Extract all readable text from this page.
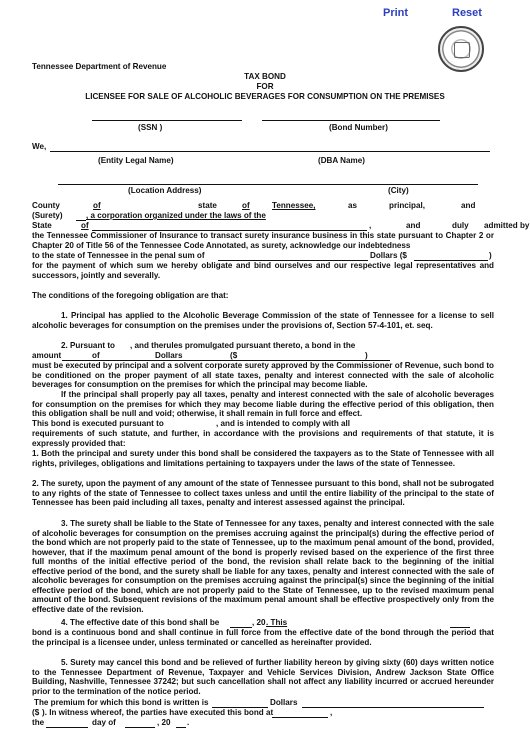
Print	Reset
Tennessee Department of Revenue
TAX BOND
FOR
LICENSEE FOR SALE OF ALCOHOLIC BEVERAGES FOR CONSUMPTION ON THE PREMISES
(SSN )	(Bond Number)
We,
(Entity Legal Name)	(DBA Name)
(Location Address)	(City)
County	of	state	of	Tennessee,	as	principal,	and
(Surety)	, a corporation organized under the laws of the
State	of	,	and	duly admitted by
the Tennessee Commissioner of Insurance to transact surety insurance business in this state pursuant to Chapter 2 or Chapter 20 of Title 56 of the Tennessee Code Annotated, as surety, acknowledge our indebtedness
to the state of Tennessee in the penal sum of	Dollars ($	)
for the payment of which sum we hereby obligate and bind ourselves and our respective legal representatives and successors, jointly and severally.
The conditions of the foregoing obligation are that:
1. Principal has applied to the Alcoholic Beverage Commission of the state of Tennessee for a license to sell alcoholic beverages for consumption on the premises under the provisions of, Section 57-4-101, et. seq.
2. Pursuant to , and therules promulgated pursuant thereto, a bond in the
amount	of	Dollars	($	)
must be executed by principal and a solvent corporate surety approved by the Commissioner of Revenue, such bond to be conditioned on the proper payment of all state taxes, penalty and interest connected with the sale of alcoholic beverages for consumption on the premises for which the principal may become liable.
If the principal shall properly pay all taxes, penalty and interest connected with the sale of alcoholic beverages for consumption on the premises for which they may become liable during the effective period of this obligation, then this obligation shall be null and void; otherwise, it shall remain in full force and effect.
This bond is executed pursuant to	, and is intended to comply with all
requirements of such statute, and further, in accordance with the provisions and requirements of that statute, it is expressly provided that:
1. Both the principal and surety under this bond shall be considered the taxpayers as to the State of Tennessee with all rights, privileges, obligations and limitations pertaining to taxpayers under the laws of the state of Tennessee.
2. The surety, upon the payment of any amount of the state of Tennessee pursuant to this bond, shall not be subrogated to any rights of the state of Tennessee to collect taxes unless and until the entire liability of the principal to the state of Tennessee has been paid including all taxes, penalty and interest assessed against the principal.
3. The surety shall be liable to the State of Tennessee for any taxes, penalty and interest connected with the sale of alcoholic beverages for consumption on the premises accruing against the principal(s) during the effective period of the bond which are not properly paid to the state of Tennessee, up to the maximum penal amount of the bond, provided, however, that if the maximum penal amount of the bond is properly revised based on the experience of the first three full months of the initial effective period of the bond, the revision shall relate back to the beginning of the initial effective period of the bond, and the surety shall be liable for any taxes, penalty and interest connected with the sale of alcoholic beverages for consumption on the premises accruing against the principal(s) since the beginning of the initial effective period of the bond, which are not properly paid to the State of Tennessee, up to the revised maximum penal amount of the bond. Subsequent revisions of the maximum penal amount shall be effective prospectively only from the effective date of the revision.
4. The effective date of this bond shall be	, 20 . This
bond is a continuous bond and shall continue in full force from the effective date of the bond through the period that the principal is a licensee under, unless terminated or cancelled as hereinafter provided.
5. Surety may cancel this bond and be relieved of further liability hereon by giving sixty (60) days written notice to the Tennessee Department of Revenue, Taxpayer and Vehicle Services Division, Andrew Jackson State Office Building, Nashville, Tennessee 37242; but such cancellation shall not affect any liability incurred or accrued hereunder prior to the termination of the notice period.
The premium for which this bond is written is	Dollars
($ ). In witness whereof, the parties have executed this bond at	,
the	day of	, 20 .
